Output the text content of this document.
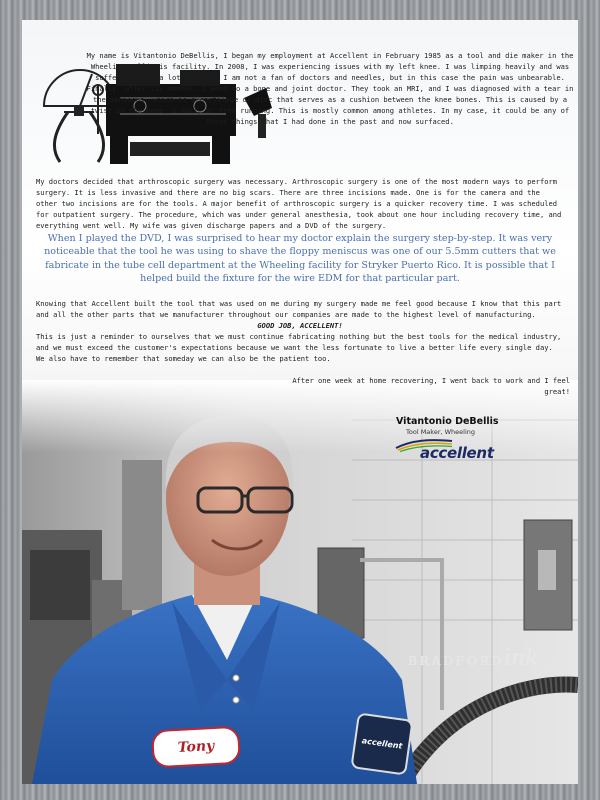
My name is Vitantonio DeBellis, I began my employment at Accellent in February 1985 as a tool and die maker in the Wheeling, Illinois facility. In 2008, I was experiencing issues with my left knee. I was limping heavily and was suffering from a lot of pain. I am not a fan of doctors and needles, but in this case the pain was unbearable. Finally, after six months, I went to a bone and joint doctor. They took an MRI, and I was diagnosed with a tear in the meniscus, which is a cartilage or disc that serves as a cushion between the knee bones. This is caused by a twist in the knee, a fall, or from running. This is mostly common among athletes. In my case, it could be any of these things that I had done in the past and now surfaced.

My doctors decided that arthroscopic surgery was necessary. Arthroscopic surgery is one of the most modern ways to perform surgery. It is less invasive and there are no big scars. There are three incisions made. One is for the camera and the other two incisions are for the tools. A major benefit of arthroscopic surgery is a quicker recovery time. I was scheduled for outpatient surgery. The procedure, which was under general anesthesia, took about one hour including recovery time, and everything went well. My wife was given discharge papers and a DVD of the surgery.

When I played the DVD, I was surprised to hear my doctor explain the surgery step-by-step. It was very noticeable that the tool he was using to shave the floppy meniscus was one of our 5.5mm cutters that we fabricate in the tube cell department at the Wheeling facility for Stryker Puerto Rico. It is possible that I helped build the fixture for the wire EDM for that particular part.

Knowing that Accellent built the tool that was used on me during my surgery made me feel good because I know that this part and all the other parts that we manufacturer throughout our companies are made to the highest level of manufacturing.
GOOD JOB, ACCELLENT!
This is just a reminder to ourselves that we must continue fabricating nothing but the best tools for the medical industry, and we must exceed the customer's expectations because we want the less fortunate to live a better life every single day. We also have to remember that someday we can also be the patient too.

After one week at home recovering, I went back to work and I feel great!

Vitantonio DeBellis
Tool Maker, Wheeling
accellent
BRADFORDink LLC
Tony	accellent
